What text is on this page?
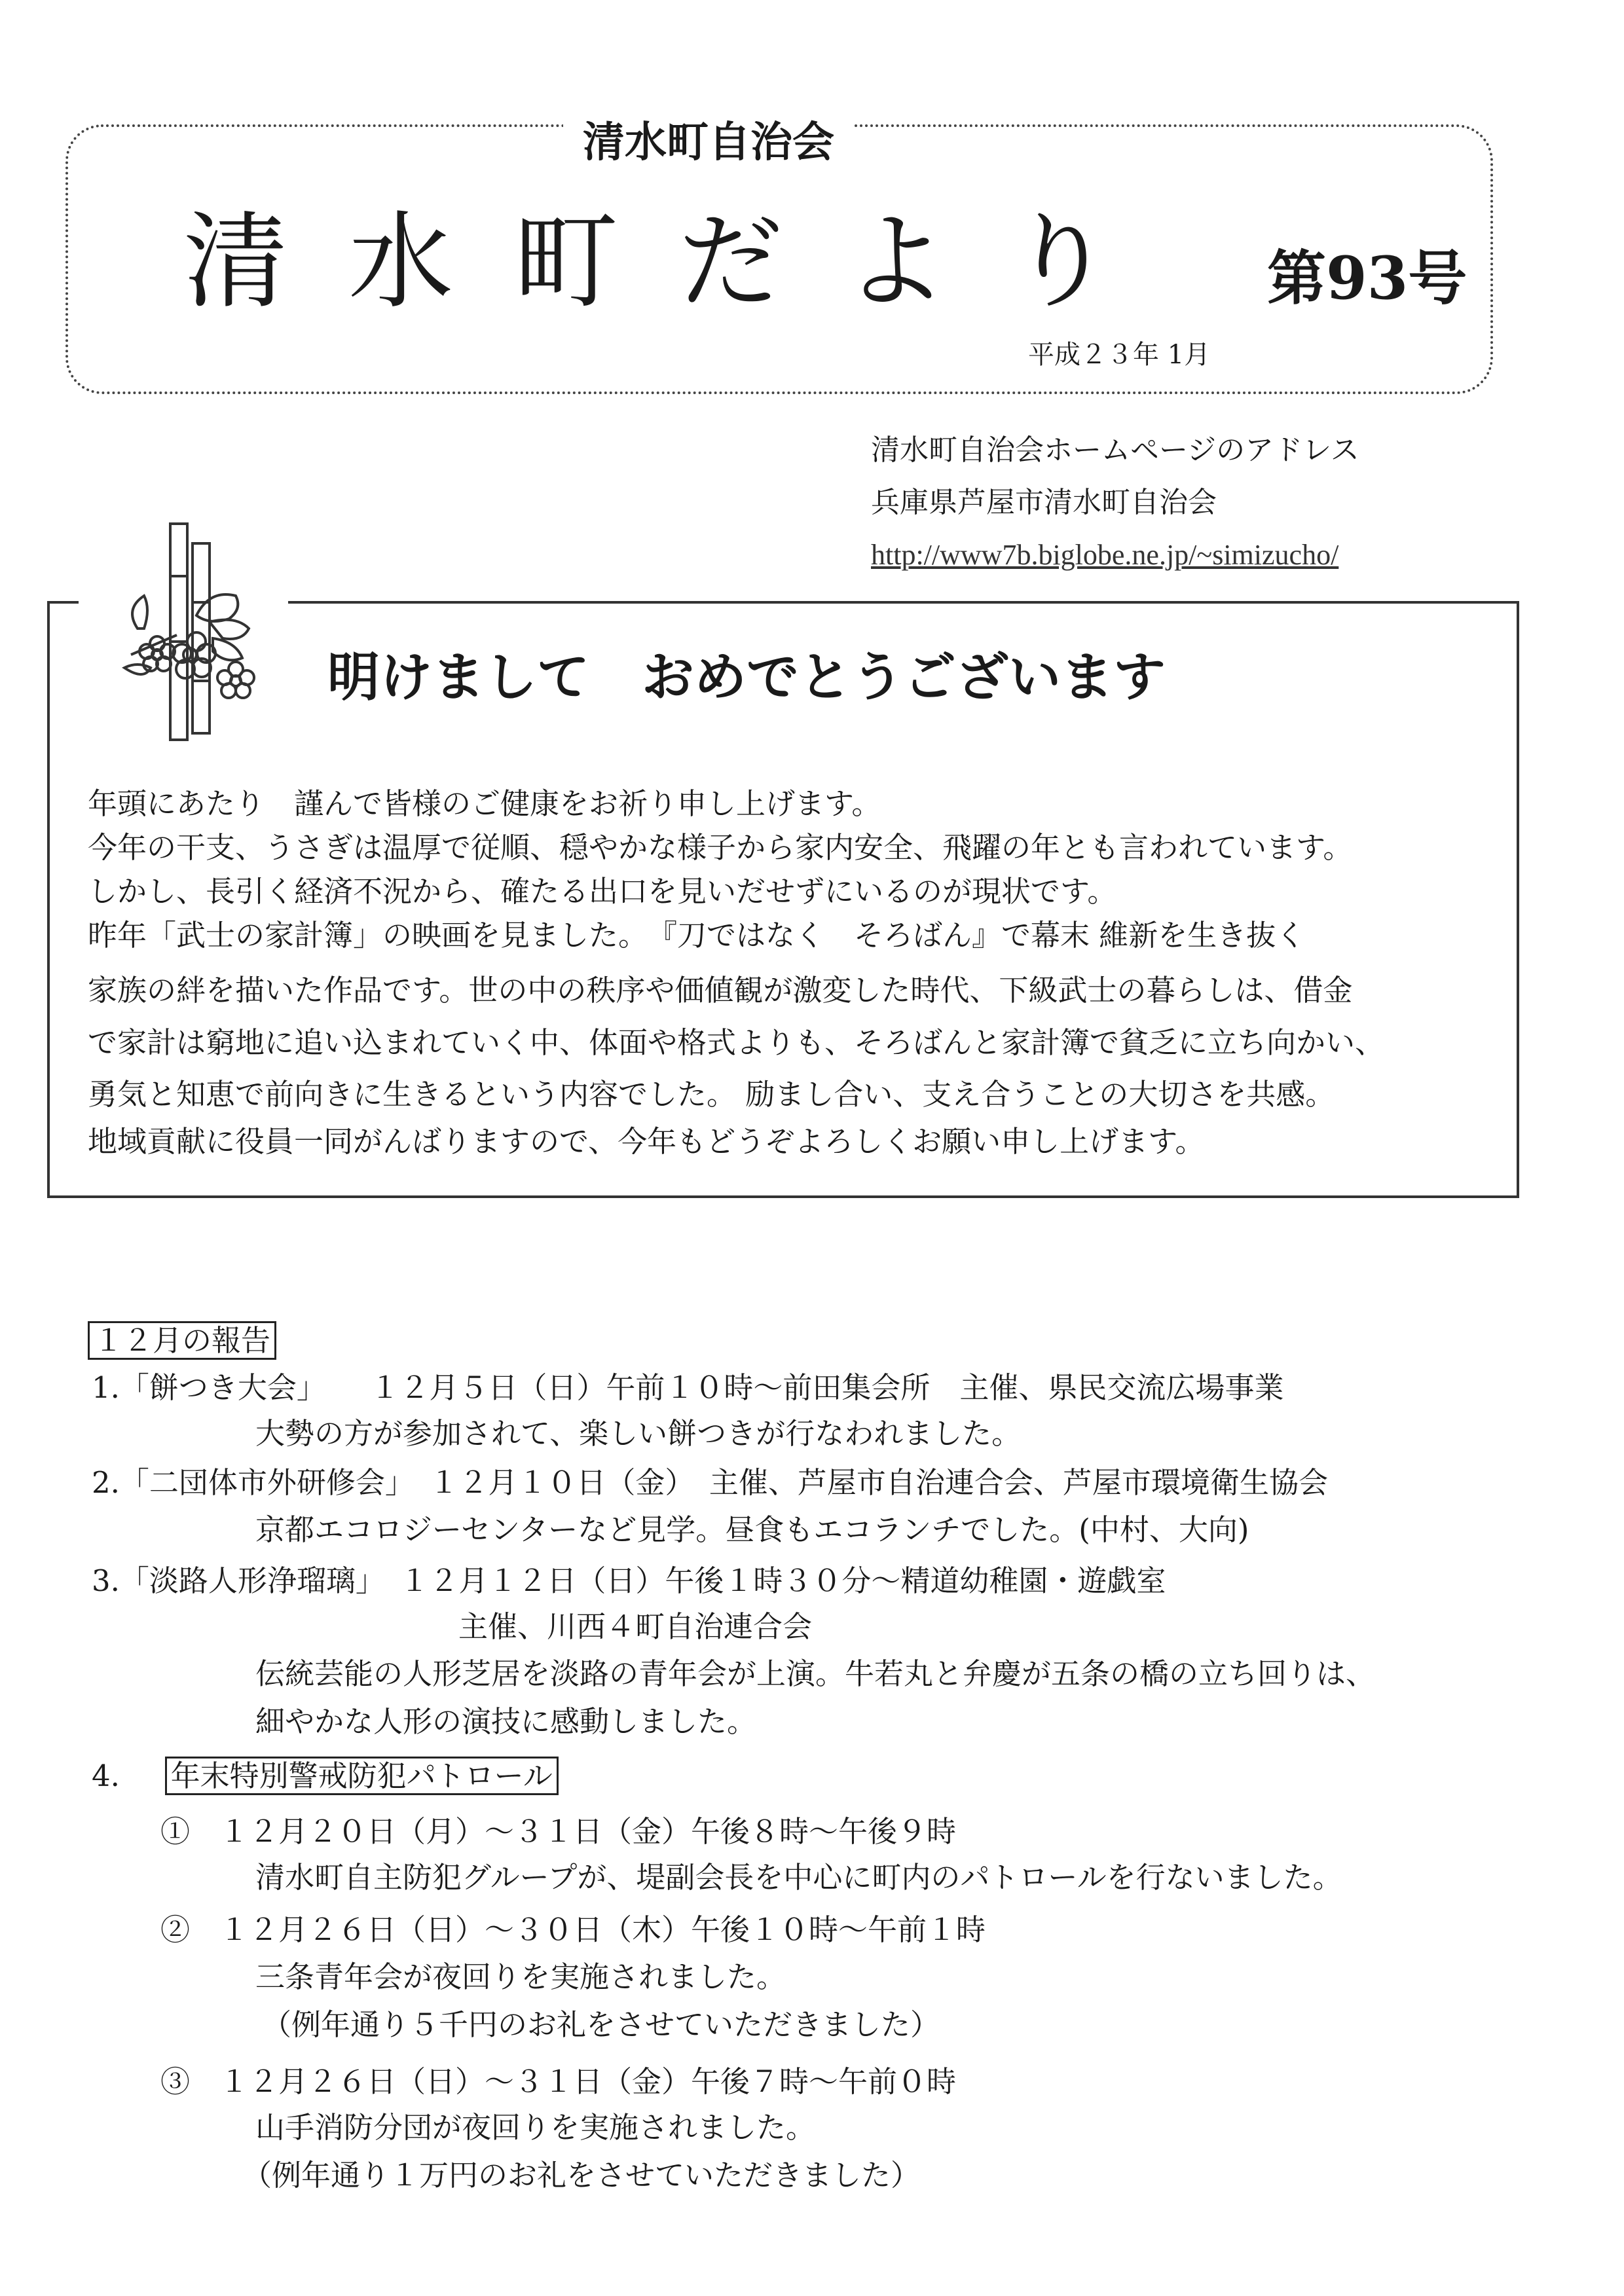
清水町自治会
清水町だより 第93号
平成２３年 1月
清水町自治会ホームページのアドレス
兵庫県芦屋市清水町自治会
http://www7b.biglobe.ne.jp/~simizucho/
明けまして　おめでとうございます
年頭にあたり　謹んで皆様のご健康をお祈り申し上げます。
今年の干支、うさぎは温厚で従順、穏やかな様子から家内安全、飛躍の年とも言われています。
しかし、長引く経済不況から、確たる出口を見いだせずにいるのが現状です。
昨年「武士の家計簿」の映画を見ました。　『刀ではなく　そろばん』で幕末 維新を生き抜く
家族の絆を描いた作品です。世の中の秩序や価値観が激変した時代、下級武士の暮らしは、借金
で家計は窮地に追い込まれていく中、体面や格式よりも、そろばんと家計簿で貧乏に立ち向かい、
勇気と知恵で前向きに生きるという内容でした。 励まし合い、支え合うことの大切さを共感。
地域貢献に役員一同がんばりますので、今年もどうぞよろしくお願い申し上げます。
１２月の報告
1.「餅つき大会」　　１２月５日（日）午前１０時～前田集会所　主催、県民交流広場事業
大勢の方が参加されて、楽しい餅つきが行なわれました。
2.「二団体市外研修会」　１２月１０日（金）　主催、芦屋市自治連合会、芦屋市環境衛生協会
京都エコロジーセンターなど見学。昼食もエコランチでした。(中村、大向)
3.「淡路人形浄瑠璃」　１２月１２日（日）午後１時３０分～精道幼稚園・遊戯室
主催、川西４町自治連合会
伝統芸能の人形芝居を淡路の青年会が上演。牛若丸と弁慶が五条の橋の立ち回りは、
細やかな人形の演技に感動しました。
4. 年末特別警戒防犯パトロール
①　１２月２０日（月）～３１日（金）午後８時～午後９時
清水町自主防犯グループが、堤副会長を中心に町内のパトロールを行ないました。
②　１２月２６日（日）～３０日（木）午後１０時～午前１時
三条青年会が夜回りを実施されました。
（例年通り５千円のお礼をさせていただきました）
③　１２月２６日（日）～３１日（金）午後７時～午前０時
山手消防分団が夜回りを実施されました。
（例年通り１万円のお礼をさせていただきました）
